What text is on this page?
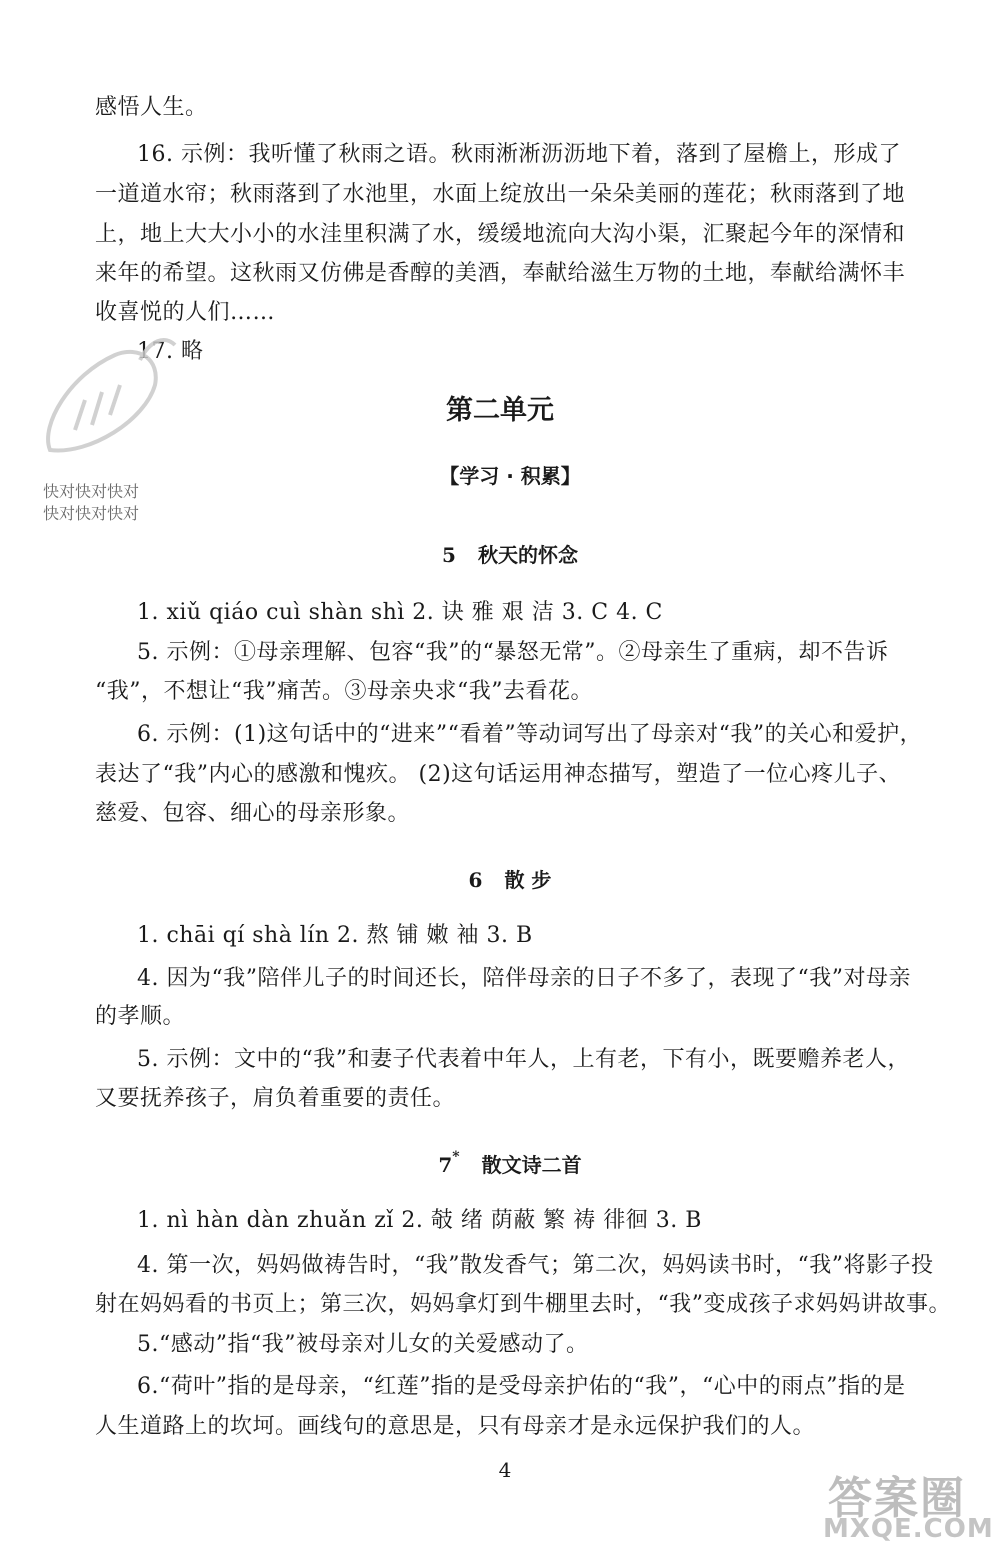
感悟人生。
16. 示例：我听懂了秋雨之语。秋雨淅淅沥沥地下着，落到了屋檐上，形成了
一道道水帘；秋雨落到了水池里，水面上绽放出一朵朵美丽的莲花；秋雨落到了地
上，地上大大小小的水洼里积满了水，缓缓地流向大沟小渠，汇聚起今年的深情和
来年的希望。这秋雨又仿佛是香醇的美酒，奉献给滋生万物的土地，奉献给满怀丰
收喜悦的人们……
17. 略
快对快对快对
快对快对快对
第二单元
【学习 · 积累】
5 秋天的怀念
1. xiǔ qiáo cuì shàn shì 2. 诀 雅 艰 洁 3. C 4. C
5. 示例：①母亲理解、包容“我”的“暴怒无常”。②母亲生了重病，却不告诉
“我”，不想让“我”痛苦。③母亲央求“我”去看花。
6. 示例：(1)这句话中的“进来”“看着”等动词写出了母亲对“我”的关心和爱护，
表达了“我”内心的感激和愧疚。 (2)这句话运用神态描写，塑造了一位心疼儿子、
慈爱、包容、细心的母亲形象。
6 散 步
1. chāi qí shà lín 2. 熬 铺 嫩 袖 3. B
4. 因为“我”陪伴儿子的时间还长，陪伴母亲的日子不多了，表现了“我”对母亲
的孝顺。
5. 示例：文中的“我”和妻子代表着中年人，上有老，下有小，既要赡养老人，
又要抚养孩子，肩负着重要的责任。
7* 散文诗二首
1. nì hàn dàn zhuǎn zǐ 2. 攲 绪 荫蔽 繁 祷 徘徊 3. B
4. 第一次，妈妈做祷告时，“我”散发香气；第二次，妈妈读书时，“我”将影子投
射在妈妈看的书页上；第三次，妈妈拿灯到牛棚里去时，“我”变成孩子求妈妈讲故事。
5.“感动”指“我”被母亲对儿女的关爱感动了。
6.“荷叶”指的是母亲，“红莲”指的是受母亲护佑的“我”，“心中的雨点”指的是
人生道路上的坎坷。画线句的意思是，只有母亲才是永远保护我们的人。
4
答案圈
MXQE.COM
